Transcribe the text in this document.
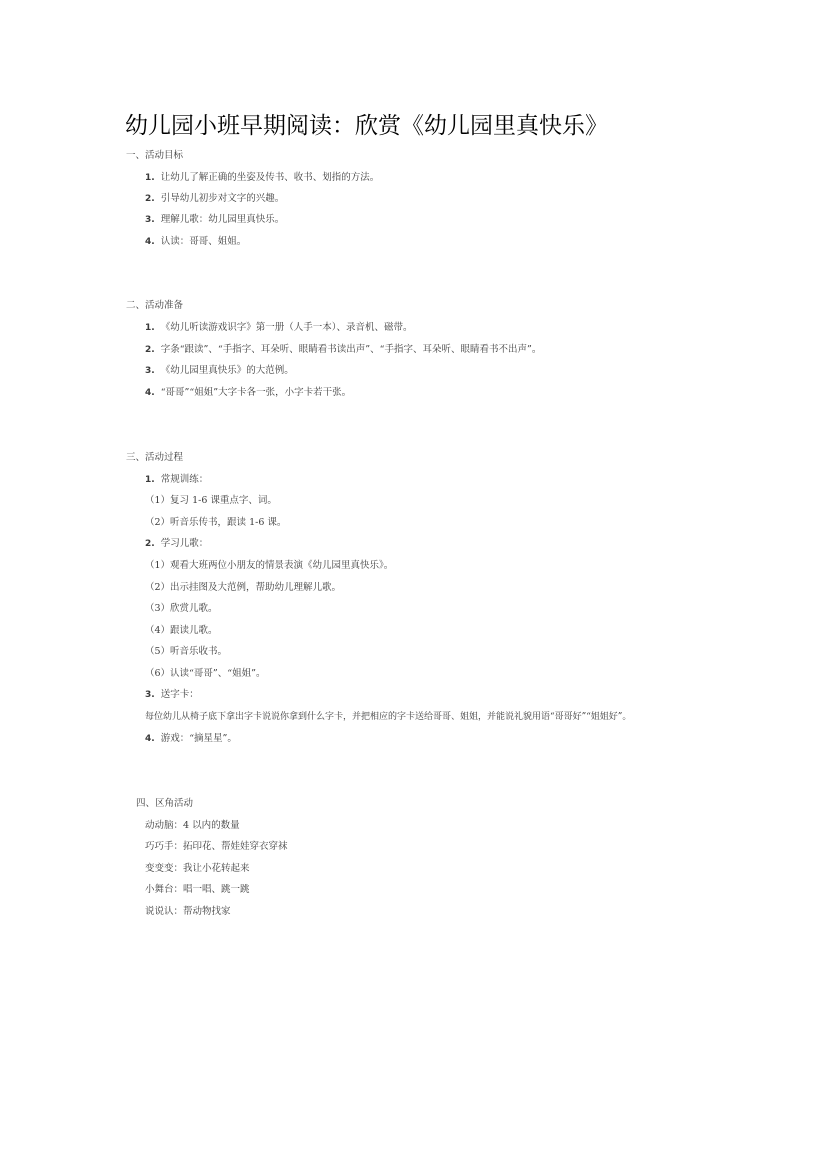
幼儿园小班早期阅读：欣赏《幼儿园里真快乐》
一、活动目标
1. 让幼儿了解正确的坐姿及传书、收书、划指的方法。
2. 引导幼儿初步对文字的兴趣。
3. 理解儿歌：幼儿园里真快乐。
4. 认读：哥哥、姐姐。
二、活动准备
1. 《幼儿听读游戏识字》第一册（人手一本）、录音机、磁带。
2. 字条“跟读”、“手指字、耳朵听、眼睛看书读出声”、“手指字、耳朵听、眼睛看书不出声”。
3. 《幼儿园里真快乐》的大范例。
4. “哥哥”“姐姐”大字卡各一张，小字卡若干张。
三、活动过程
1. 常规训练：
（1）复习 1-6 课重点字、词。
（2）听音乐传书，跟读 1-6 课。
2. 学习儿歌：
（1）观看大班两位小朋友的情景表演《幼儿园里真快乐》。
（2）出示挂图及大范例，帮助幼儿理解儿歌。
（3）欣赏儿歌。
（4）跟读儿歌。
（5）听音乐收书。
（6）认读“哥哥”、“姐姐”。
3. 送字卡：
每位幼儿从椅子底下拿出字卡说说你拿到什么字卡，并把相应的字卡送给哥哥、姐姐，并能说礼貌用语“哥哥好”“姐姐好”。
4. 游戏：“摘星星”。
四、区角活动
动动脑：4 以内的数量
巧巧手：拓印花、帮娃娃穿衣穿袜
变变变：我让小花转起来
小舞台：唱一唱、跳一跳
说说认：帮动物找家
